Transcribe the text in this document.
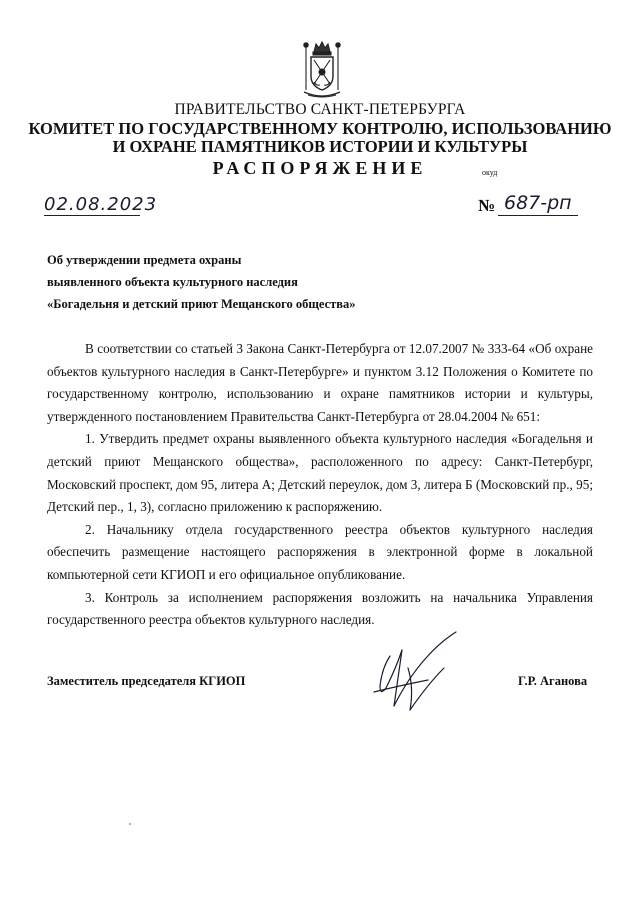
ПРАВИТЕЛЬСТВО САНКТ-ПЕТЕРБУРГА
КОМИТЕТ ПО ГОСУДАРСТВЕННОМУ КОНТРОЛЮ, ИСПОЛЬЗОВАНИЮ
И ОХРАНЕ ПАМЯТНИКОВ ИСТОРИИ И КУЛЬТУРЫ
РАСПОРЯЖЕНИЕ	окуд
02.08.2023	№ 687-рп
Об утверждении предмета охраны
выявленного объекта культурного наследия
«Богадельня и детский приют Мещанского общества»

В соответствии со статьей 3 Закона Санкт-Петербурга от 12.07.2007 № 333-64 «Об охране объектов культурного наследия в Санкт-Петербурге» и пунктом 3.12 Положения о Комитете по государственному контролю, использованию и охране памятников истории и культуры, утвержденного постановлением Правительства Санкт-Петербурга от 28.04.2004 № 651:

1. Утвердить предмет охраны выявленного объекта культурного наследия «Богадельня и детский приют Мещанского общества», расположенного по адресу: Санкт-Петербург, Московский проспект, дом 95, литера А; Детский переулок, дом 3, литера Б (Московский пр., 95; Детский пер., 1, 3), согласно приложению к распоряжению.

2. Начальнику отдела государственного реестра объектов культурного наследия обеспечить размещение настоящего распоряжения в электронной форме в локальной компьютерной сети КГИОП и его официальное опубликование.

3. Контроль за исполнением распоряжения возложить на начальника Управления государственного реестра объектов культурного наследия.

Заместитель председателя КГИОП	Г.Р. Аганова
